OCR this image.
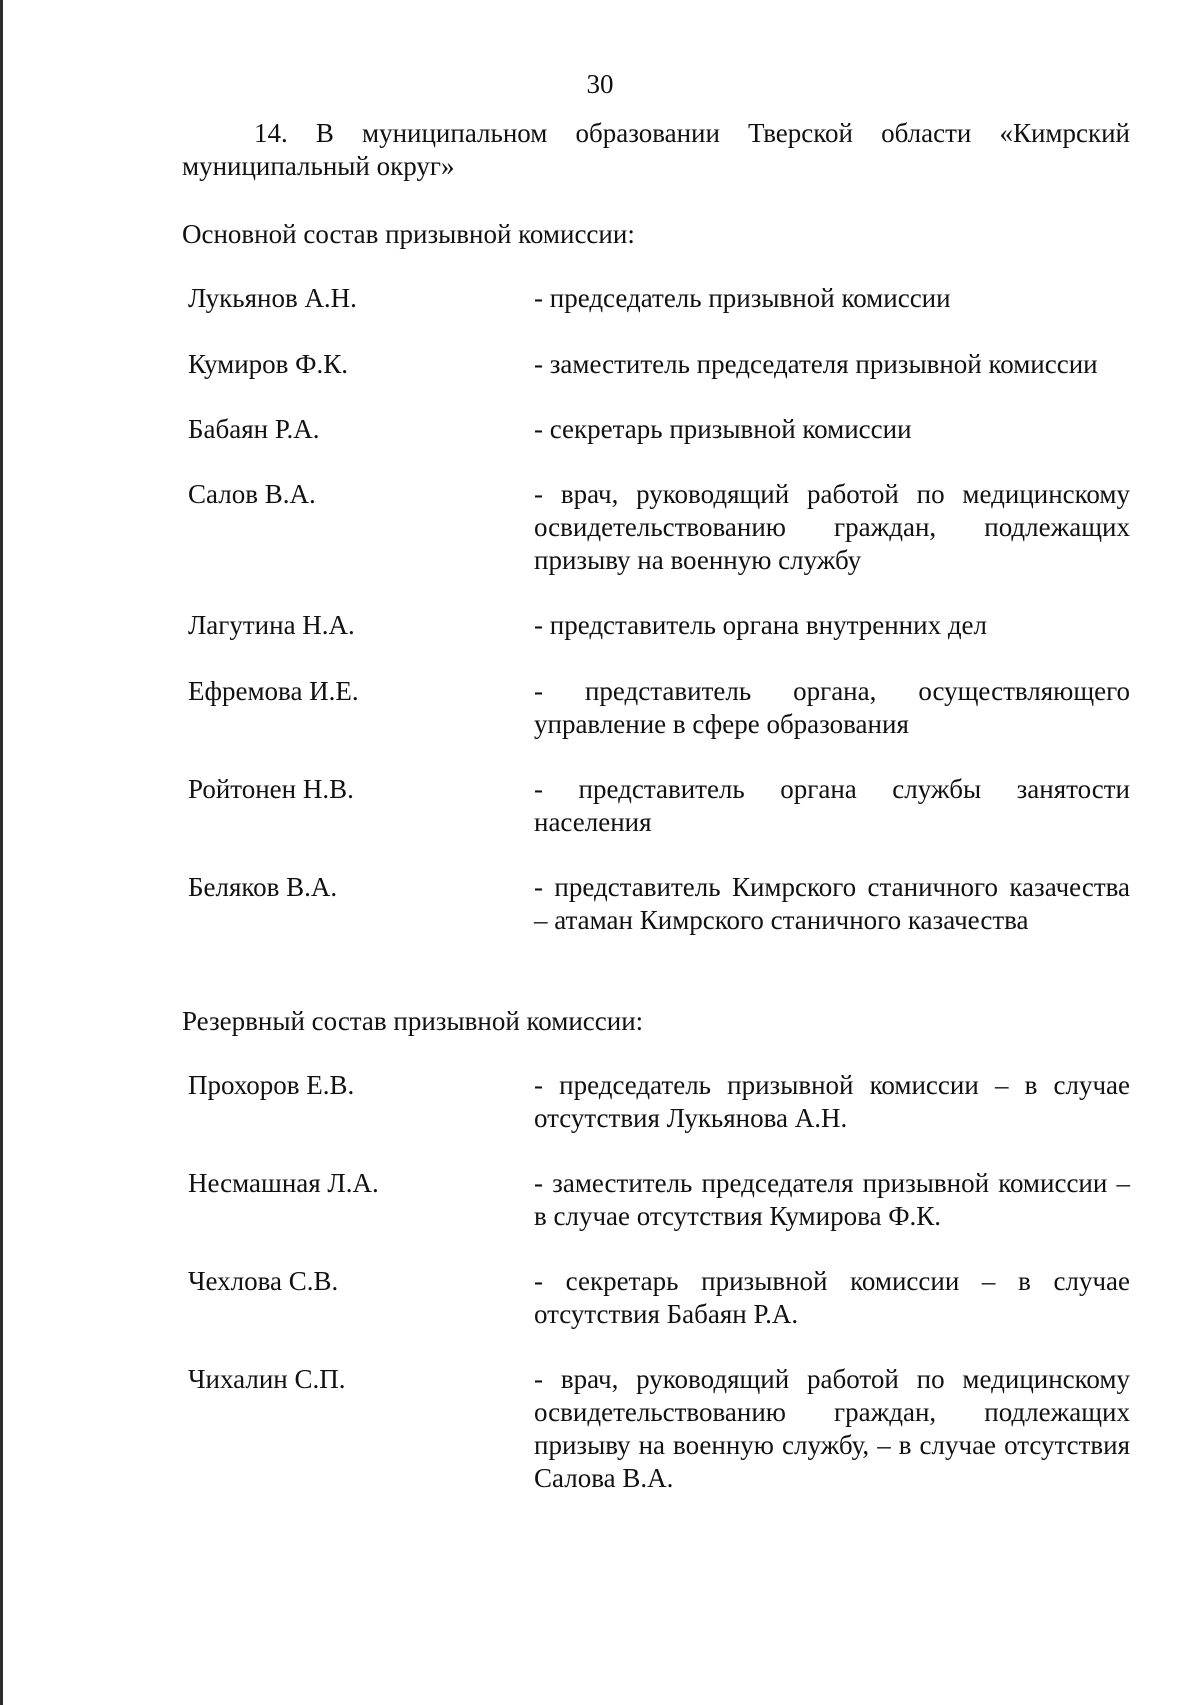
30
14. В муниципальном образовании Тверской области «Кимрский муниципальный округ»
Основной состав призывной комиссии:
Лукьянов А.Н.	- председатель призывной комиссии
Кумиров Ф.К.	- заместитель председателя призывной комиссии
Бабаян Р.А.	- секретарь призывной комиссии
Салов В.А.	- врач, руководящий работой по медицинскому освидетельствованию граждан, подлежащих призыву на военную службу
Лагутина Н.А.	- представитель органа внутренних дел
Ефремова И.Е.	- представитель органа, осуществляющего управление в сфере образования
Ройтонен Н.В.	- представитель органа службы занятости населения
Беляков В.А.	- представитель Кимрского станичного казачества – атаман Кимрского станичного казачества
Резервный состав призывной комиссии:
Прохоров Е.В.	- председатель призывной комиссии – в случае отсутствия Лукьянова А.Н.
Несмашная Л.А.	- заместитель председателя призывной комиссии – в случае отсутствия Кумирова Ф.К.
Чехлова С.В.	- секретарь призывной комиссии – в случае отсутствия Бабаян Р.А.
Чихалин С.П.	- врач, руководящий работой по медицинскому освидетельствованию граждан, подлежащих призыву на военную службу, – в случае отсутствия Салова В.А.
